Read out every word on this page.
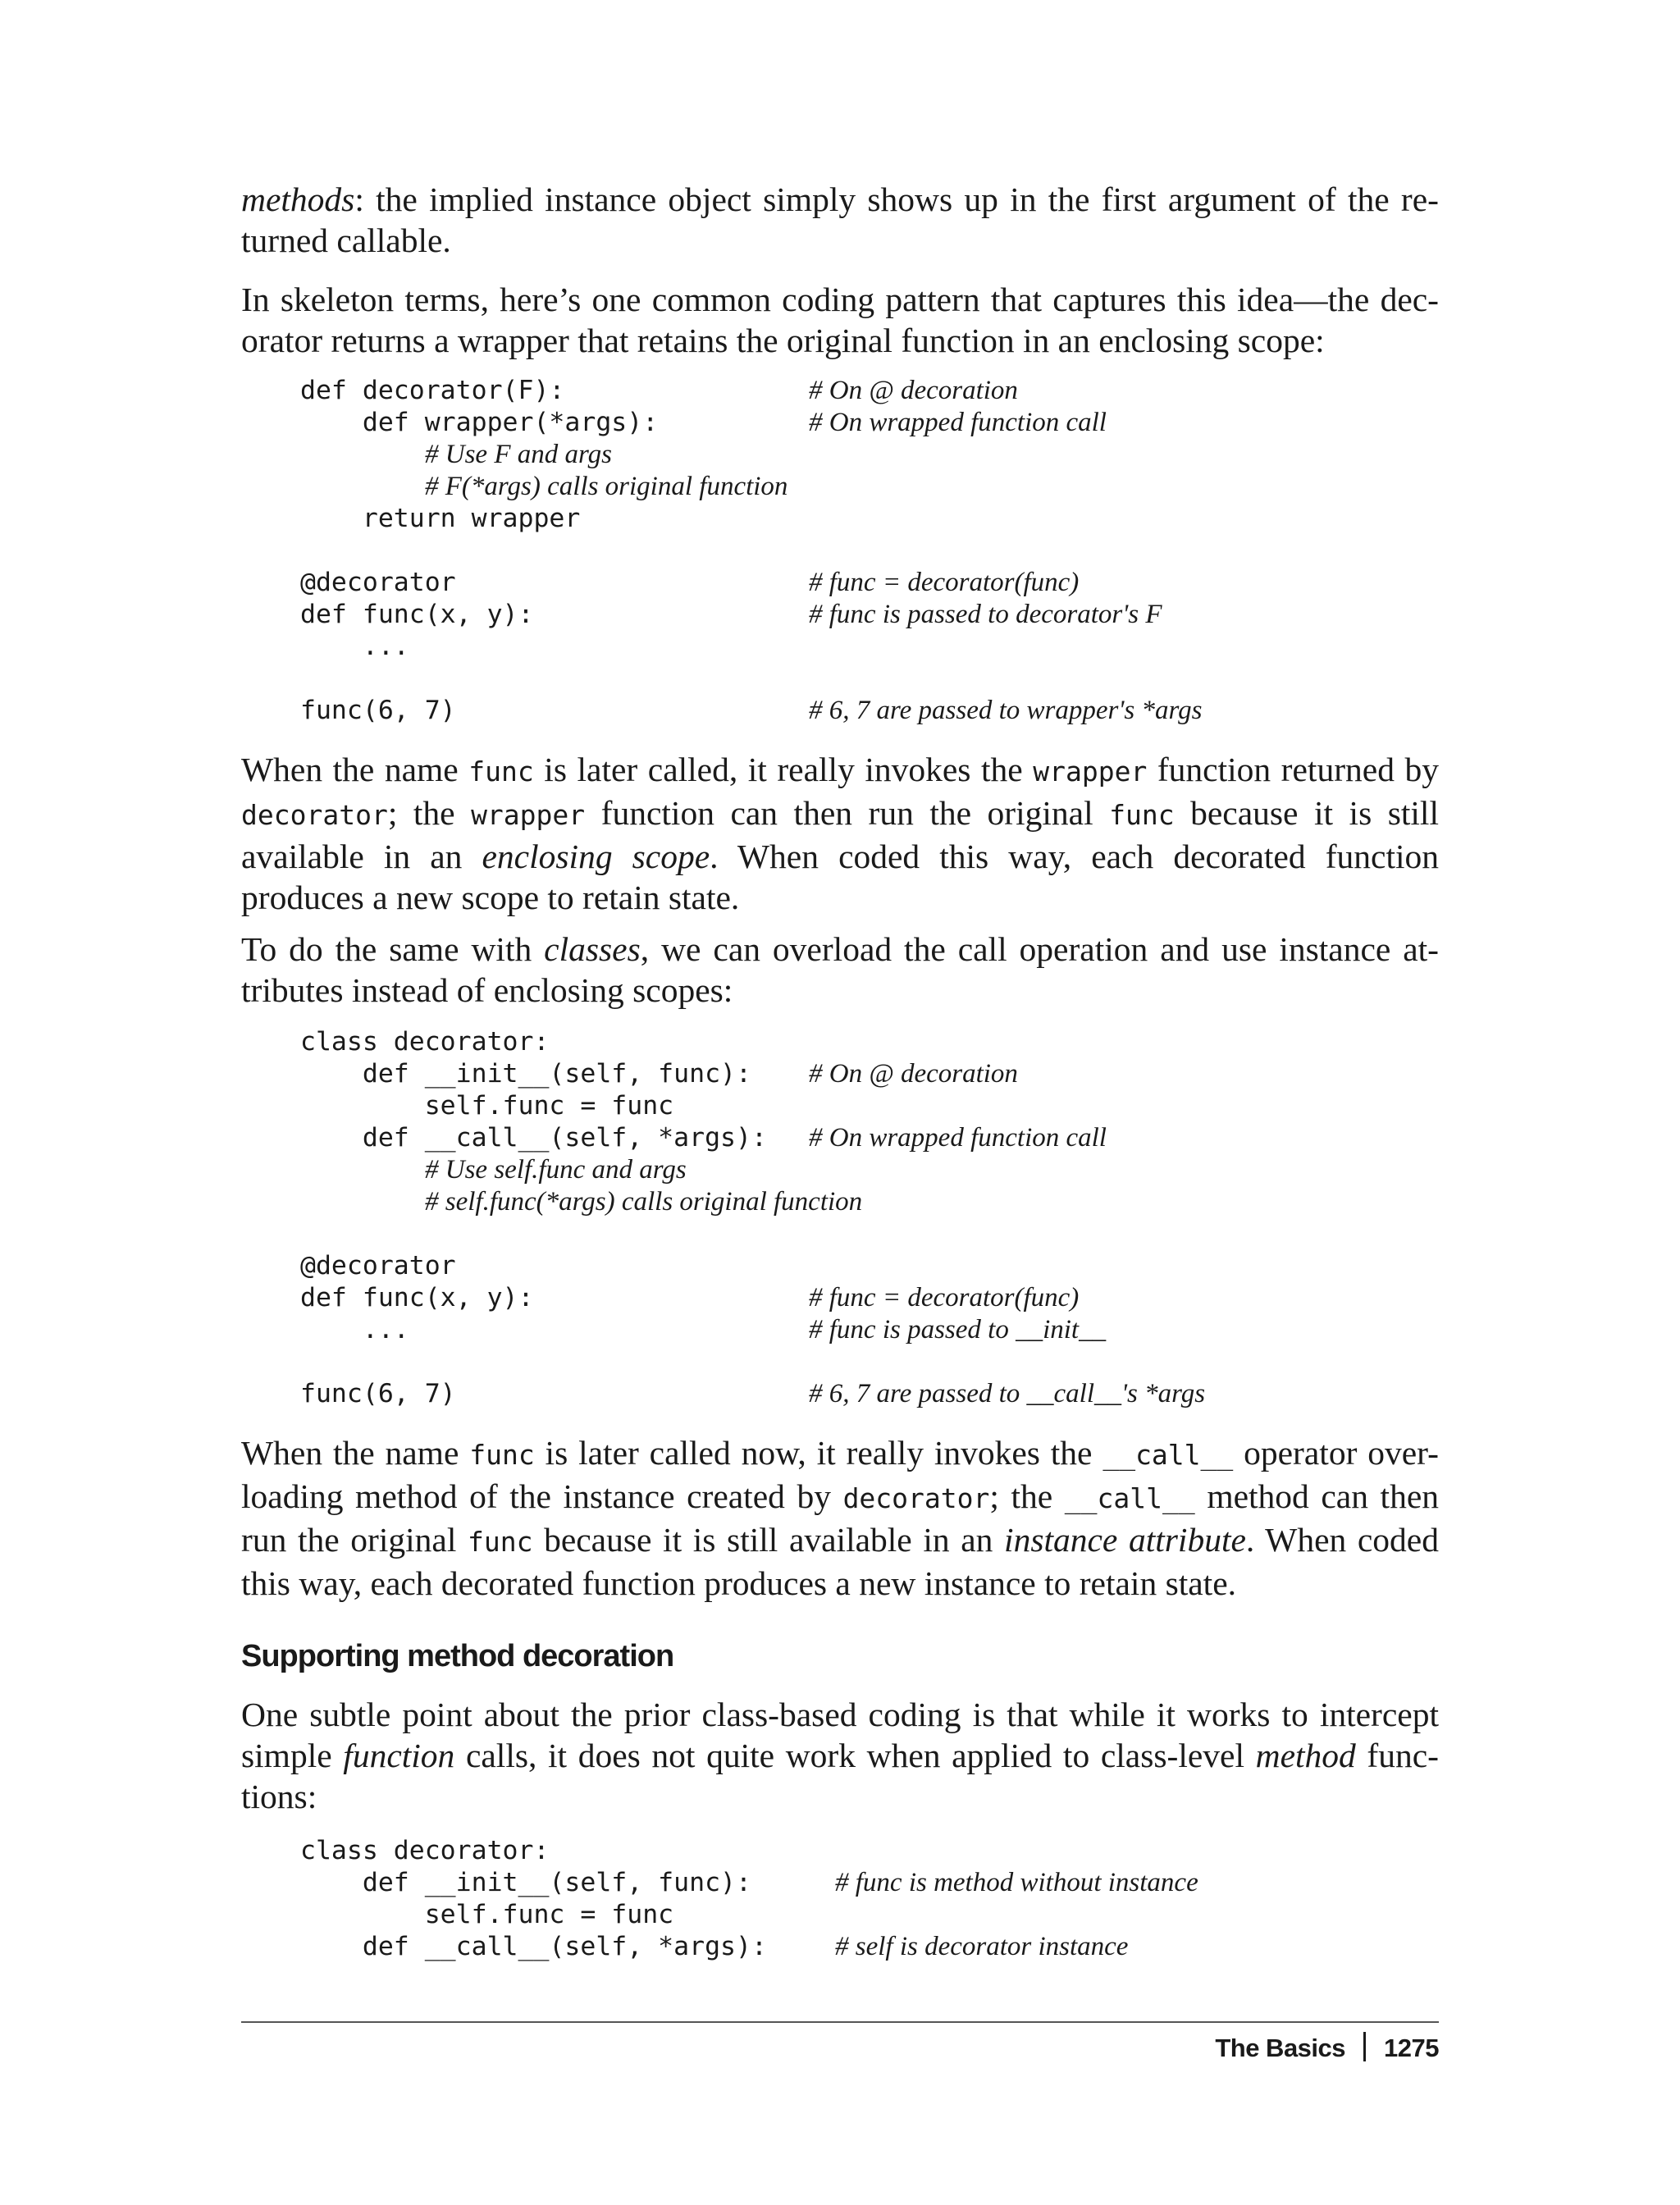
methods: the implied instance object simply shows up in the first argument of the re- turned callable.

In skeleton terms, here’s one common coding pattern that captures this idea—the dec- orator returns a wrapper that retains the original function in an enclosing scope:

def decorator(F):	# On @ decoration
def wrapper(*args):	# On wrapped function call
# Use F and args
# F(*args) calls original function
return wrapper
@decorator	# func = decorator(func)
def func(x, y):	# func is passed to decorator's F
...
func(6, 7)	# 6, 7 are passed to wrapper's *args

When the name func is later called, it really invokes the wrapper function returned by decorator; the wrapper function can then run the original func because it is still available in an enclosing scope. When coded this way, each decorated function produces a new scope to retain state.

To do the same with classes, we can overload the call operation and use instance at- tributes instead of enclosing scopes:

class decorator:
def __init__(self, func): # On @ decoration
self.func = func
def __call__(self, *args): # On wrapped function call
# Use self.func and args
# self.func(*args) calls original function
@decorator
def func(x, y):	# func = decorator(func)
...	# func is passed to __init__
func(6, 7)	# 6, 7 are passed to __call__'s *args

When the name func is later called now, it really invokes the __call__ operator over- loading method of the instance created by decorator; the __call__ method can then run the original func because it is still available in an instance attribute. When coded this way, each decorated function produces a new instance to retain state.

Supporting method decoration

One subtle point about the prior class-based coding is that while it works to intercept simple function calls, it does not quite work when applied to class-level method func- tions:

class decorator:
def __init__(self, func):	# func is method without instance
self.func = func
def __call__(self, *args):	# self is decorator instance
The Basics 1275
